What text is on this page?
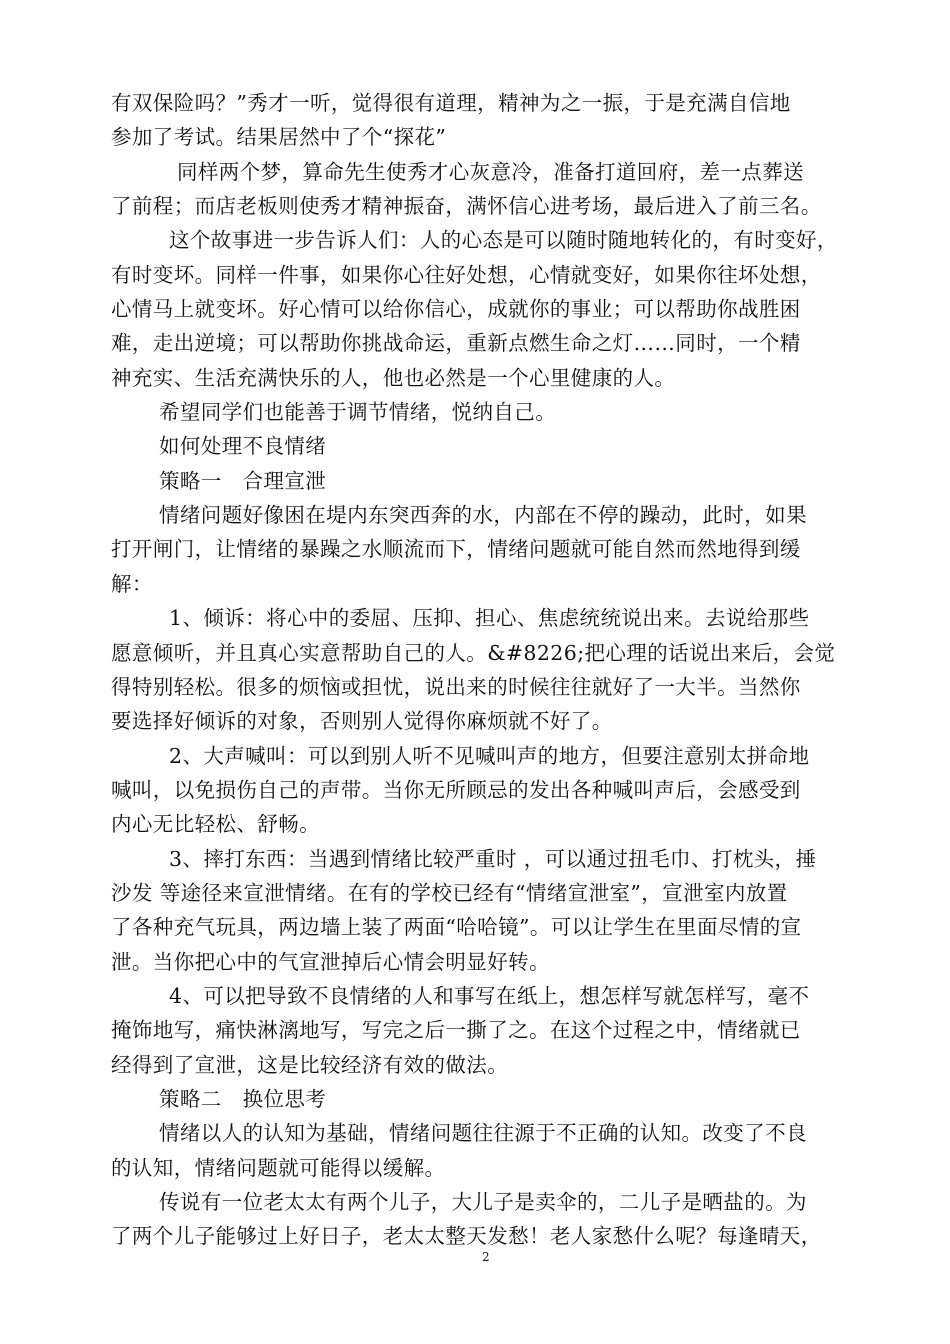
有双保险吗？”秀才一听，觉得很有道理，精神为之一振，于是充满自信地
参加了考试。结果居然中了个“探花”
同样两个梦，算命先生使秀才心灰意冷，准备打道回府，差一点葬送
了前程；而店老板则使秀才精神振奋，满怀信心进考场，最后进入了前三名。
这个故事进一步告诉人们：人的心态是可以随时随地转化的，有时变好，
有时变坏。同样一件事，如果你心往好处想，心情就变好，如果你往坏处想，
心情马上就变坏。好心情可以给你信心，成就你的事业；可以帮助你战胜困
难，走出逆境；可以帮助你挑战命运，重新点燃生命之灯……同时，一个精
神充实、生活充满快乐的人，他也必然是一个心里健康的人。
希望同学们也能善于调节情绪，悦纳自己。
如何处理不良情绪
策略一　合理宣泄
情绪问题好像困在堤内东突西奔的水，内部在不停的躁动，此时，如果
打开闸门，让情绪的暴躁之水顺流而下，情绪问题就可能自然而然地得到缓
解：
1、倾诉：将心中的委屈、压抑、担心、焦虑统统说出来。去说给那些
愿意倾听，并且真心实意帮助自己的人。&#8226;把心理的话说出来后，会觉
得特别轻松。很多的烦恼或担忧，说出来的时候往往就好了一大半。当然你
要选择好倾诉的对象，否则别人觉得你麻烦就不好了。
2、大声喊叫：可以到别人听不见喊叫声的地方，但要注意别太拼命地
喊叫，以免损伤自己的声带。当你无所顾忌的发出各种喊叫声后，会感受到
内心无比轻松、舒畅。
3、摔打东西：当遇到情绪比较严重时 ，可以通过扭毛巾、打枕头，捶
沙发 等途径来宣泄情绪。在有的学校已经有“情绪宣泄室”，宣泄室内放置
了各种充气玩具，两边墙上装了两面“哈哈镜”。可以让学生在里面尽情的宣
泄。当你把心中的气宣泄掉后心情会明显好转。
4、可以把导致不良情绪的人和事写在纸上，想怎样写就怎样写，毫不
掩饰地写，痛快淋漓地写，写完之后一撕了之。在这个过程之中，情绪就已
经得到了宣泄，这是比较经济有效的做法。
策略二　换位思考
情绪以人的认知为基础，情绪问题往往源于不正确的认知。改变了不良
的认知，情绪问题就可能得以缓解。
传说有一位老太太有两个儿子，大儿子是卖伞的，二儿子是晒盐的。为
了两个儿子能够过上好日子，老太太整天发愁！老人家愁什么呢？每逢晴天，
2
